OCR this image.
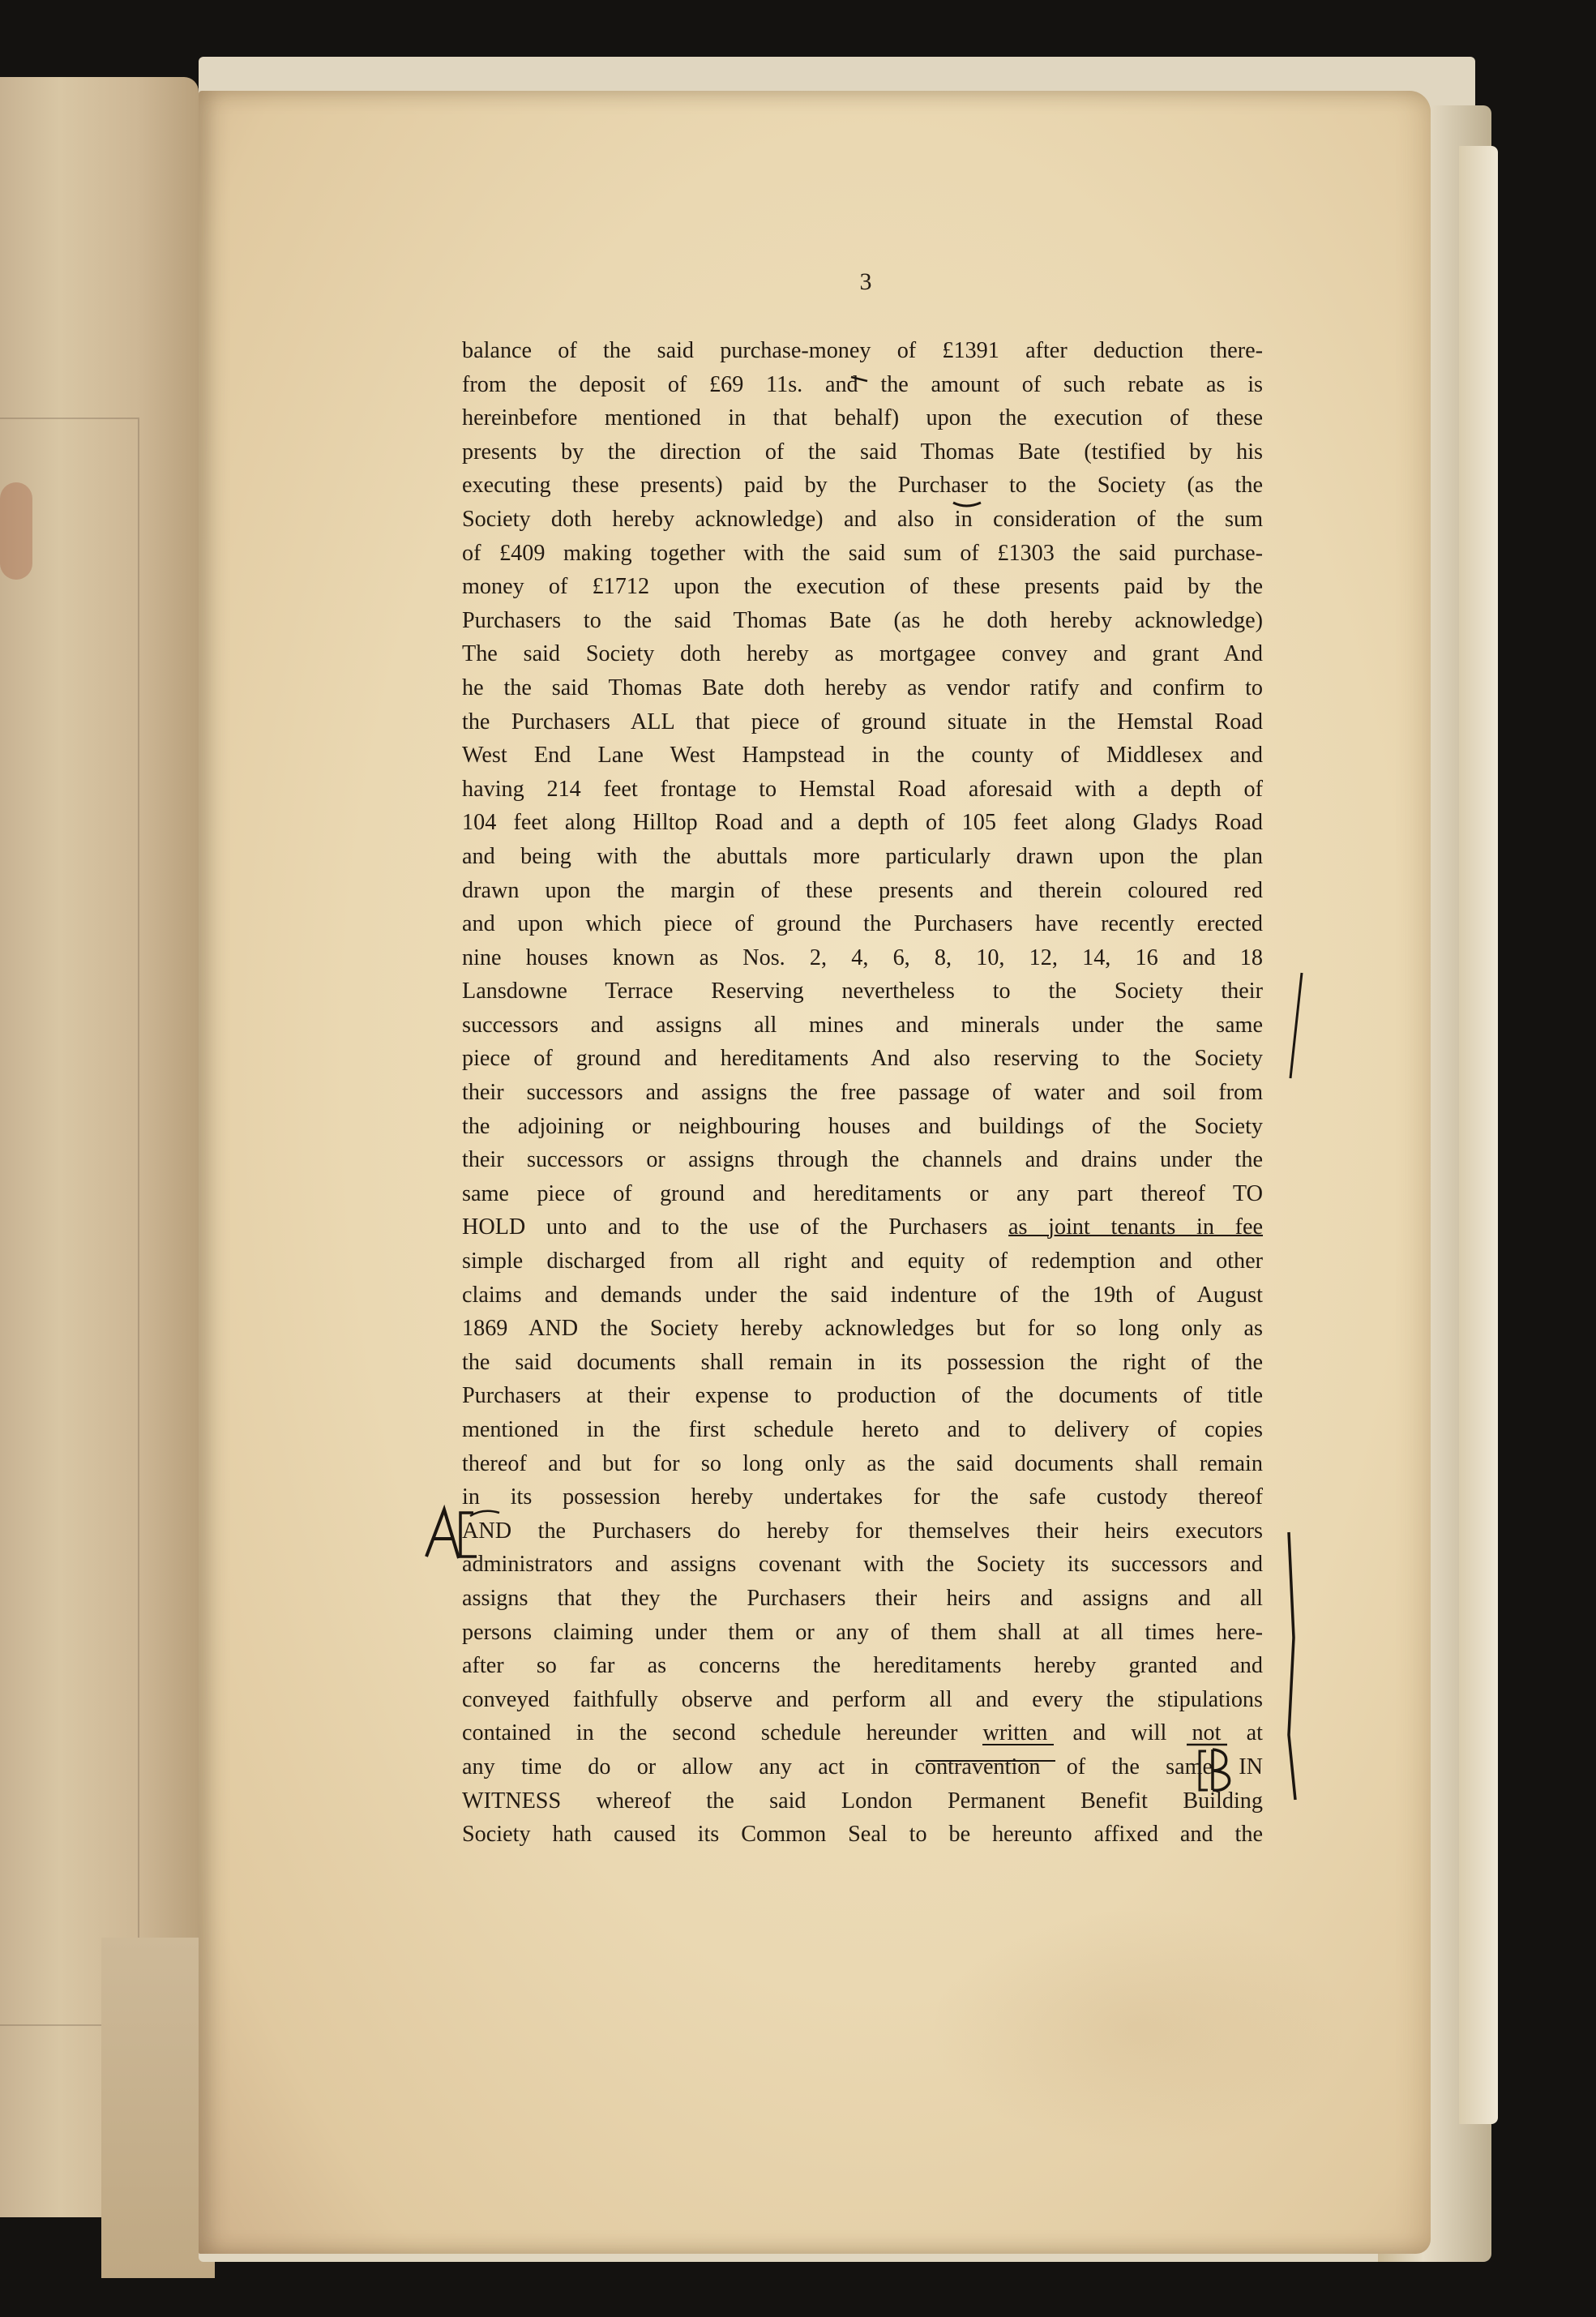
3
balance of the said purchase-money of £1391 after deduction there-
from the deposit of £69 11s. and the amount of such rebate as is
hereinbefore mentioned in that behalf) upon the execution of these
presents by the direction of the said Thomas Bate (testified by his
executing these presents) paid by the Purchaser to the Society (as the
Society doth hereby acknowledge) and also in consideration of the sum
of £409 making together with the said sum of £1303 the said purchase-
money of £1712 upon the execution of these presents paid by the
Purchasers to the said Thomas Bate (as he doth hereby acknowledge)
The said Society doth hereby as mortgagee convey and grant And
he the said Thomas Bate doth hereby as vendor ratify and confirm to
the Purchasers ALL that piece of ground situate in the Hemstal Road
West End Lane West Hampstead in the county of Middlesex and
having 214 feet frontage to Hemstal Road aforesaid with a depth of
104 feet along Hilltop Road and a depth of 105 feet along Gladys Road
and being with the abuttals more particularly drawn upon the plan
drawn upon the margin of these presents and therein coloured red
and upon which piece of ground the Purchasers have recently erected
nine houses known as Nos. 2, 4, 6, 8, 10, 12, 14, 16 and 18
Lansdowne Terrace Reserving nevertheless to the Society their
successors and assigns all mines and minerals under the same
piece of ground and hereditaments And also reserving to the Society
their successors and assigns the free passage of water and soil from
the adjoining or neighbouring houses and buildings of the Society
their successors or assigns through the channels and drains under the
same piece of ground and hereditaments or any part thereof TO
HOLD unto and to the use of the Purchasers as joint tenants in fee
simple discharged from all right and equity of redemption and other
claims and demands under the said indenture of the 19th of August
1869 AND the Society hereby acknowledges but for so long only as
the said documents shall remain in its possession the right of the
Purchasers at their expense to production of the documents of title
mentioned in the first schedule hereto and to delivery of copies
thereof and but for so long only as the said documents shall remain
in its possession hereby undertakes for the safe custody thereof
AND the Purchasers do hereby for themselves their heirs executors
administrators and assigns covenant with the Society its successors and
assigns that they the Purchasers their heirs and assigns and all
persons claiming under them or any of them shall at all times here-
after so far as concerns the hereditaments hereby granted and
conveyed faithfully observe and perform all and every the stipulations
contained in the second schedule hereunder written and will not at
any time do or allow any act in contravention of the same IN
WITNESS whereof the said London Permanent Benefit Building
Society hath caused its Common Seal to be hereunto affixed and the
